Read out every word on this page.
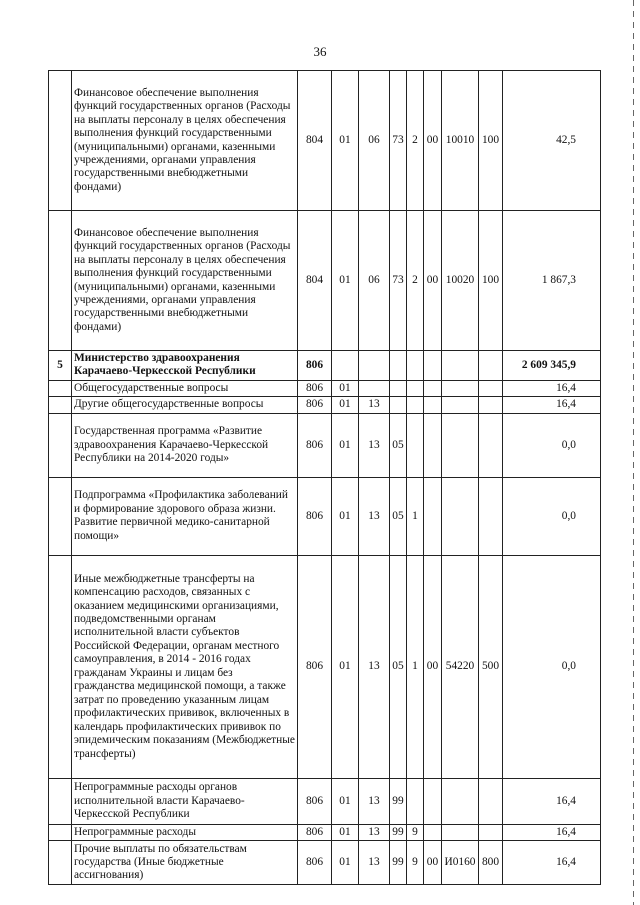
36
	Финансовое обеспечение выполнения функций государственных органов (Расходы на выплаты персоналу в целях обеспечения выполнения функций государственными (муниципальными) органами, казенными учреждениями, органами управления государственными внебюджетными фондами)	804	01	06	73	2	00	10010	100	42,5
	Финансовое обеспечение выполнения функций государственных органов (Расходы на выплаты персоналу в целях обеспечения выполнения функций государственными (муниципальными) органами, казенными учреждениями, органами управления государственными внебюджетными фондами)	804	01	06	73	2	00	10020	100	1 867,3
5	Министерство здравоохранения Карачаево-Черкесской Республики	806								2 609 345,9
	Общегосударственные вопросы	806	01							16,4
	Другие общегосударственные вопросы	806	01	13						16,4
	Государственная программа «Развитие здравоохранения Карачаево-Черкесской Республики на 2014-2020 годы»	806	01	13	05					0,0
	Подпрограмма «Профилактика заболеваний и формирование здорового образа жизни. Развитие первичной медико-санитарной помощи»	806	01	13	05	1				0,0
	Иные межбюджетные трансферты на компенсацию расходов, связанных с оказанием медицинскими организациями, подведомственными органам исполнительной власти субъектов Российской Федерации, органам местного самоуправления, в 2014 - 2016 годах гражданам Украины и лицам без гражданства медицинской помощи, а также затрат по проведению указанным лицам профилактических прививок, включенных в календарь профилактических прививок по эпидемическим показаниям (Межбюджетные трансферты)	806	01	13	05	1	00	54220	500	0,0
	Непрограммные расходы органов исполнительной власти Карачаево-Черкесской Республики	806	01	13	99					16,4
	Непрограммные расходы	806	01	13	99	9				16,4
	Прочие выплаты по обязательствам государства (Иные бюджетные ассигнования)	806	01	13	99	9	00	И0160	800	16,4
